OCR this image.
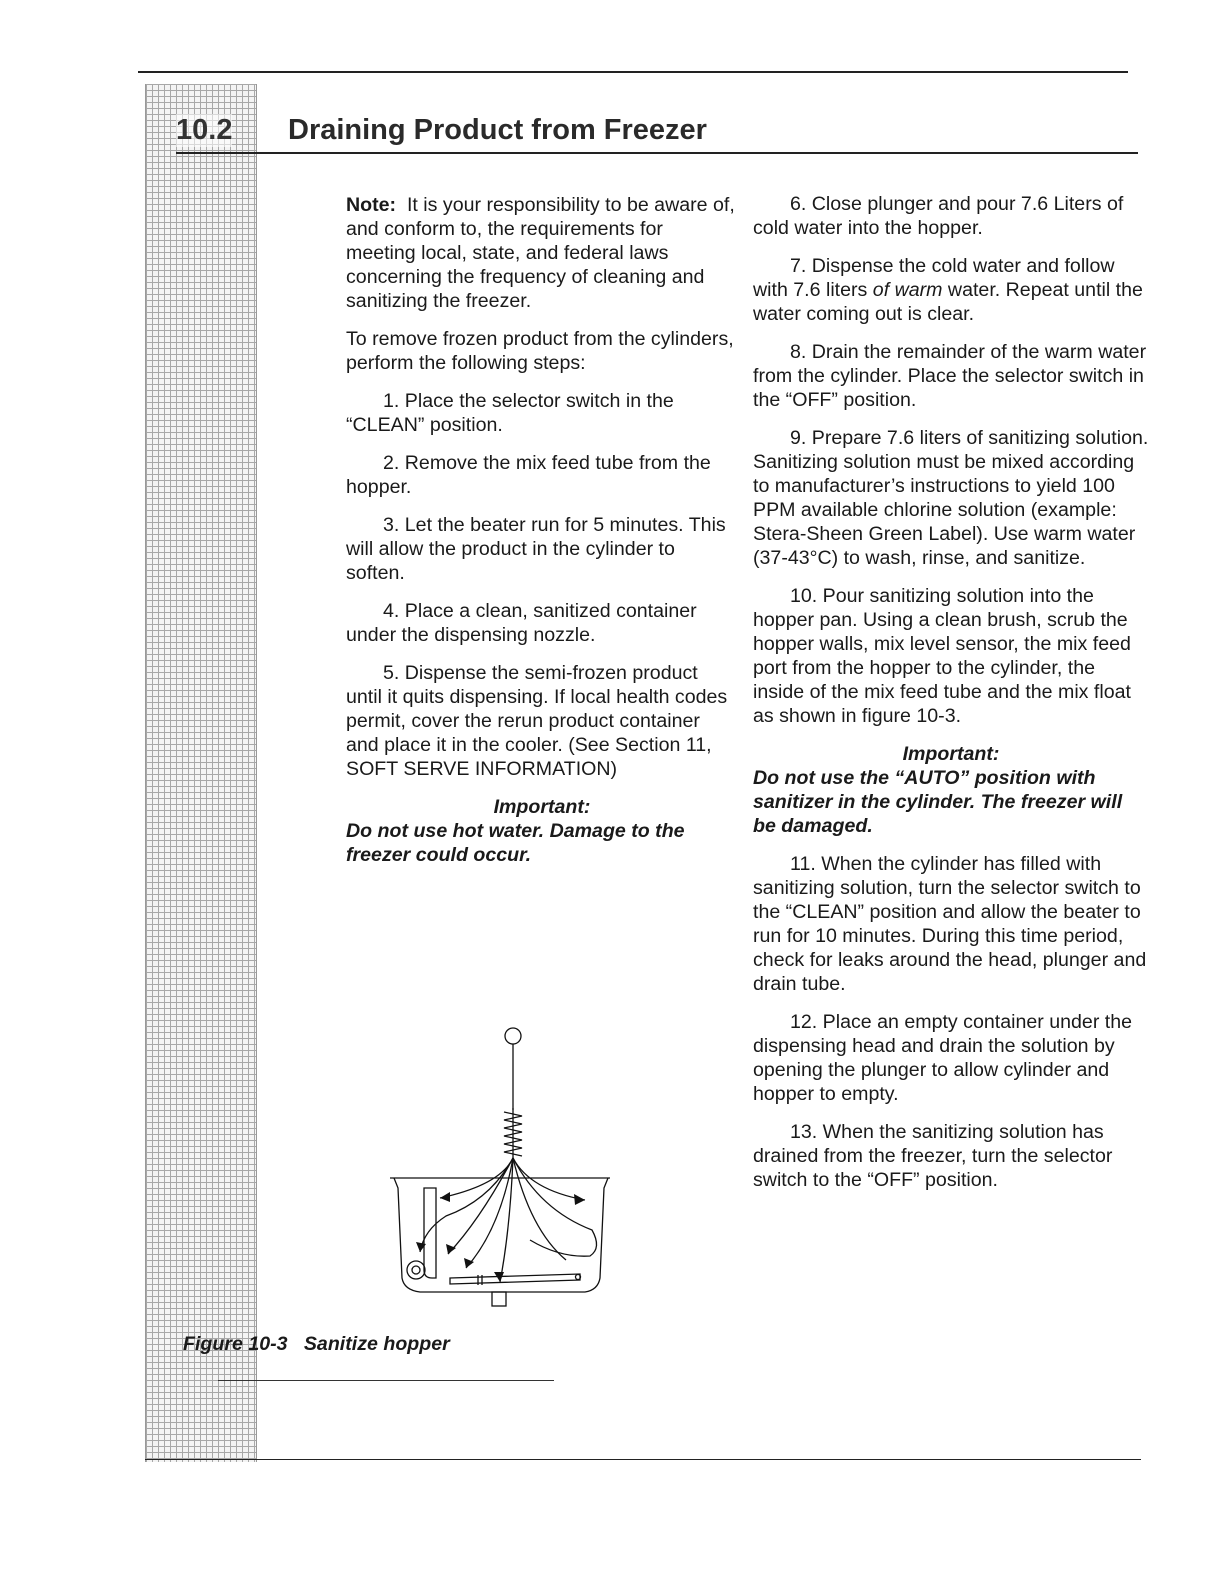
10.2 Draining Product from Freezer

Note: It is your responsibility to be aware of, and conform to, the requirements for meeting local, state, and federal laws concerning the frequency of cleaning and sanitizing the freezer.

To remove frozen product from the cylinders, perform the following steps:

1. Place the selector switch in the “CLEAN” position.

2. Remove the mix feed tube from the hopper.

3. Let the beater run for 5 minutes. This will allow the product in the cylinder to soften.

4. Place a clean, sanitized container under the dispensing nozzle.

5. Dispense the semi-frozen product until it quits dispensing. If local health codes permit, cover the rerun product container and place it in the cooler. (See Section 11, SOFT SERVE INFORMATION)

Important:

Do not use hot water. Damage to the freezer could occur.

6. Close plunger and pour 7.6 Liters of cold water into the hopper.

7. Dispense the cold water and follow with 7.6 liters of warm water. Repeat until the water coming out is clear.

8. Drain the remainder of the warm water from the cylinder. Place the selector switch in the “OFF” position.

9. Prepare 7.6 liters of sanitizing solution. Sanitizing solution must be mixed according to manufacturer’s instructions to yield 100 PPM available chlorine solution (example: Stera-Sheen Green Label). Use warm water (37-43°C) to wash, rinse, and sanitize.

10. Pour sanitizing solution into the hopper pan. Using a clean brush, scrub the hopper walls, mix level sensor, the mix feed port from the hopper to the cylinder, the inside of the mix feed tube and the mix float as shown in figure 10-3.

Important:

Do not use the “AUTO” position with sanitizer in the cylinder. The freezer will be damaged.

11. When the cylinder has filled with sanitizing solution, turn the selector switch to the “CLEAN” position and allow the beater to run for 10 minutes. During this time period, check for leaks around the head, plunger and drain tube.

12. Place an empty container under the dispensing head and drain the solution by opening the plunger to allow cylinder and hopper to empty.

13. When the sanitizing solution has drained from the freezer, turn the selector switch to the “OFF” position.

Figure 10-3   Sanitize hopper
